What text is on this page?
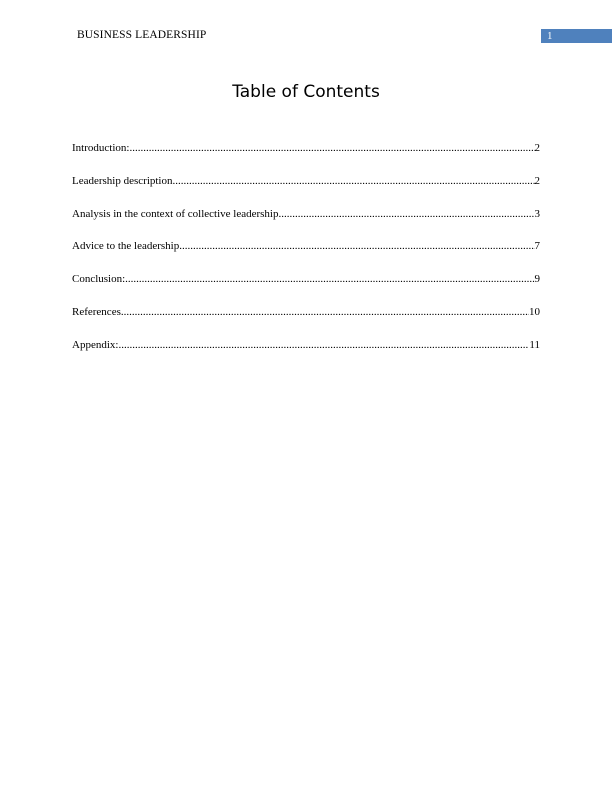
BUSINESS LEADERSHIP	1
Table of Contents
Introduction: .....	2
Leadership description .....	2
Analysis in the context of collective leadership .....	3
Advice to the leadership .....	7
Conclusion: .....	9
References .....	10
Appendix: .....	11
